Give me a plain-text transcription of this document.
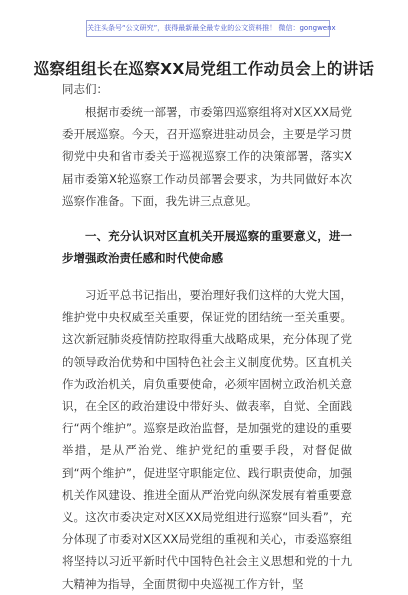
关注头条号“公文研究”，获得最新最全最专业的公文资料推！ 微信：gongwenx
巡察组组长在巡察XX局党组工作动员会上的讲话
同志们：

根据市委统一部署，市委第四巡察组将对X区XX局党委开展巡察。今天，召开巡察进驻动员会，主要是学习贯彻党中央和省市委关于巡视巡察工作的决策部署，落实X届市委第X轮巡察工作动员部署会要求，为共同做好本次巡察作准备。下面，我先讲三点意见。

一、充分认识对区直机关开展巡察的重要意义，进一步增强政治责任感和时代使命感

习近平总书记指出，要治理好我们这样的大党大国，维护党中央权威至关重要，保证党的团结统一至关重要。这次新冠肺炎疫情防控取得重大战略成果，充分体现了党的领导政治优势和中国特色社会主义制度优势。区直机关作为政治机关，肩负重要使命，必须牢固树立政治机关意识，在全区的政治建设中带好头、做表率，自觉、全面践行“两个维护”。巡察是政治监督，是加强党的建设的重要举措，是从严治党、维护党纪的重要手段，对督促做到“两个维护”，促进坚守职能定位、践行职责使命，加强机关作风建设、推进全面从严治党向纵深发展有着重要意义。这次市委决定对X区XX局党组进行巡察“回头看”，充分体现了市委对X区XX局党组的重视和关心，市委巡察组将坚持以习近平新时代中国特色社会主义思想和党的十九大精神为指导，全面贯彻中央巡视工作方针，坚
